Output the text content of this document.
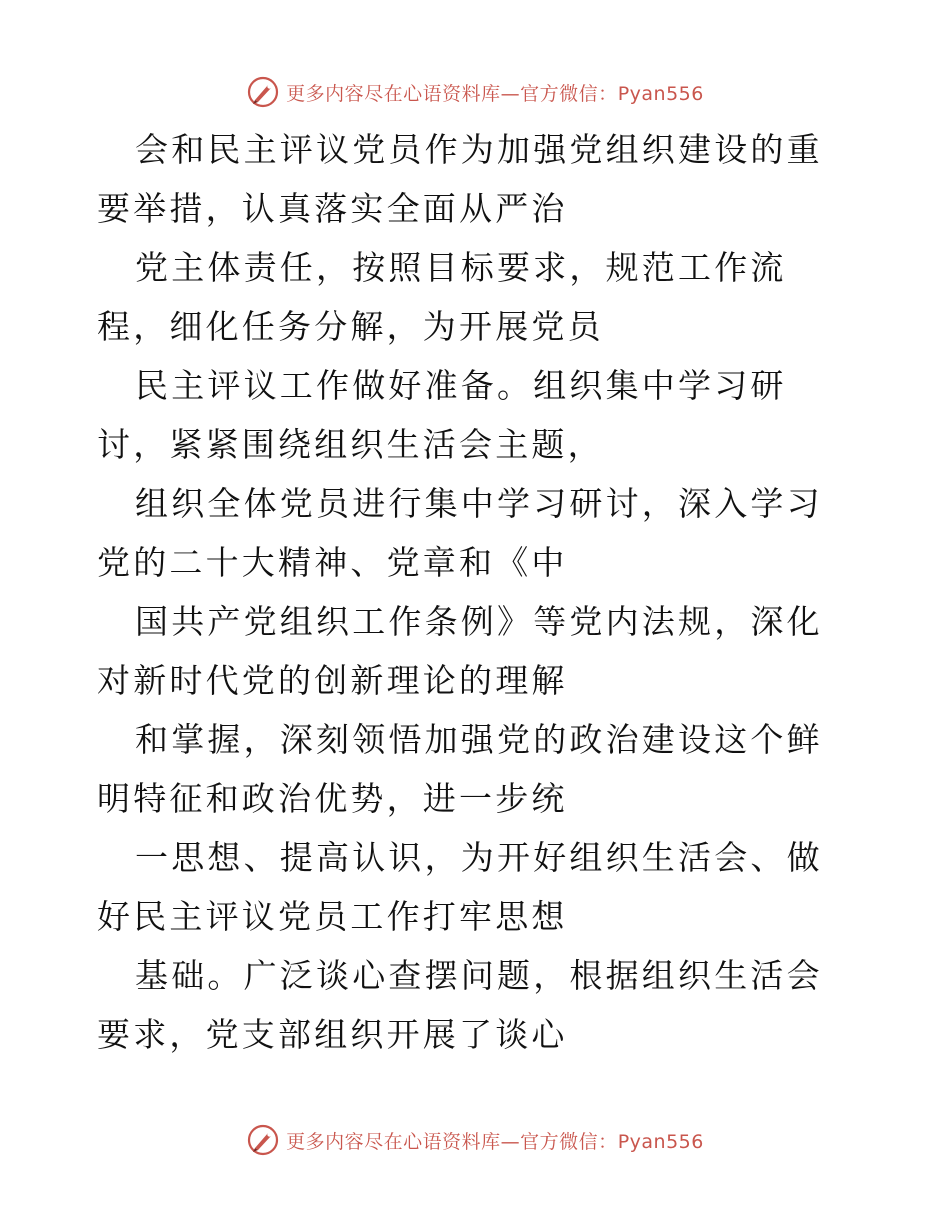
更多内容尽在心语资料库—官方微信：Pyan556

会和民主评议党员作为加强党组织建设的重要举措，认真落实全面从严治

党主体责任，按照目标要求，规范工作流程，细化任务分解，为开展党员

民主评议工作做好准备。组织集中学习研讨，紧紧围绕组织生活会主题，

组织全体党员进行集中学习研讨，深入学习党的二十大精神、党章和《中

国共产党组织工作条例》等党内法规，深化对新时代党的创新理论的理解

和掌握，深刻领悟加强党的政治建设这个鲜明特征和政治优势，进一步统

一思想、提高认识，为开好组织生活会、做好民主评议党员工作打牢思想

基础。广泛谈心查摆问题，根据组织生活会要求，党支部组织开展了谈心

更多内容尽在心语资料库—官方微信：Pyan556
